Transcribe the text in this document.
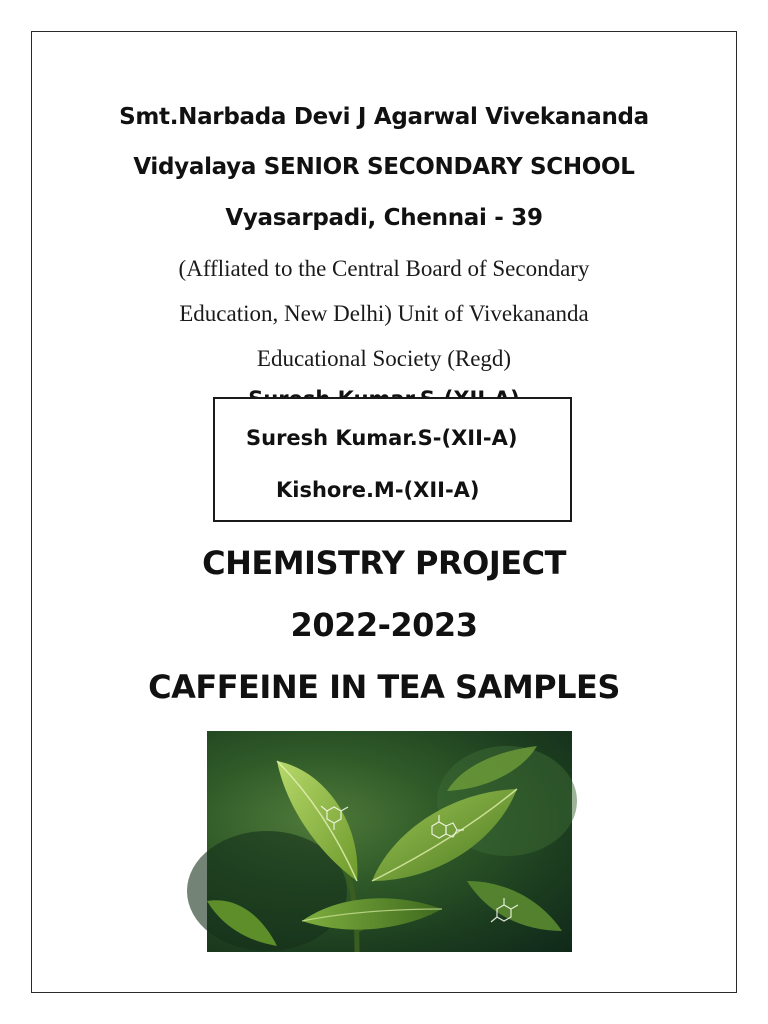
Smt.Narbada Devi J Agarwal Vivekananda
Vidyalaya SENIOR SECONDARY SCHOOL
Vyasarpadi, Chennai - 39
(Affliated to the Central Board of Secondary
Education, New Delhi) Unit of Vivekananda
Educational Society (Regd)
Suresh Kumar.S-(XII-A)
Kishore.M-(XII-A)
CHEMISTRY PROJECT
2022-2023
CAFFEINE IN TEA SAMPLES
